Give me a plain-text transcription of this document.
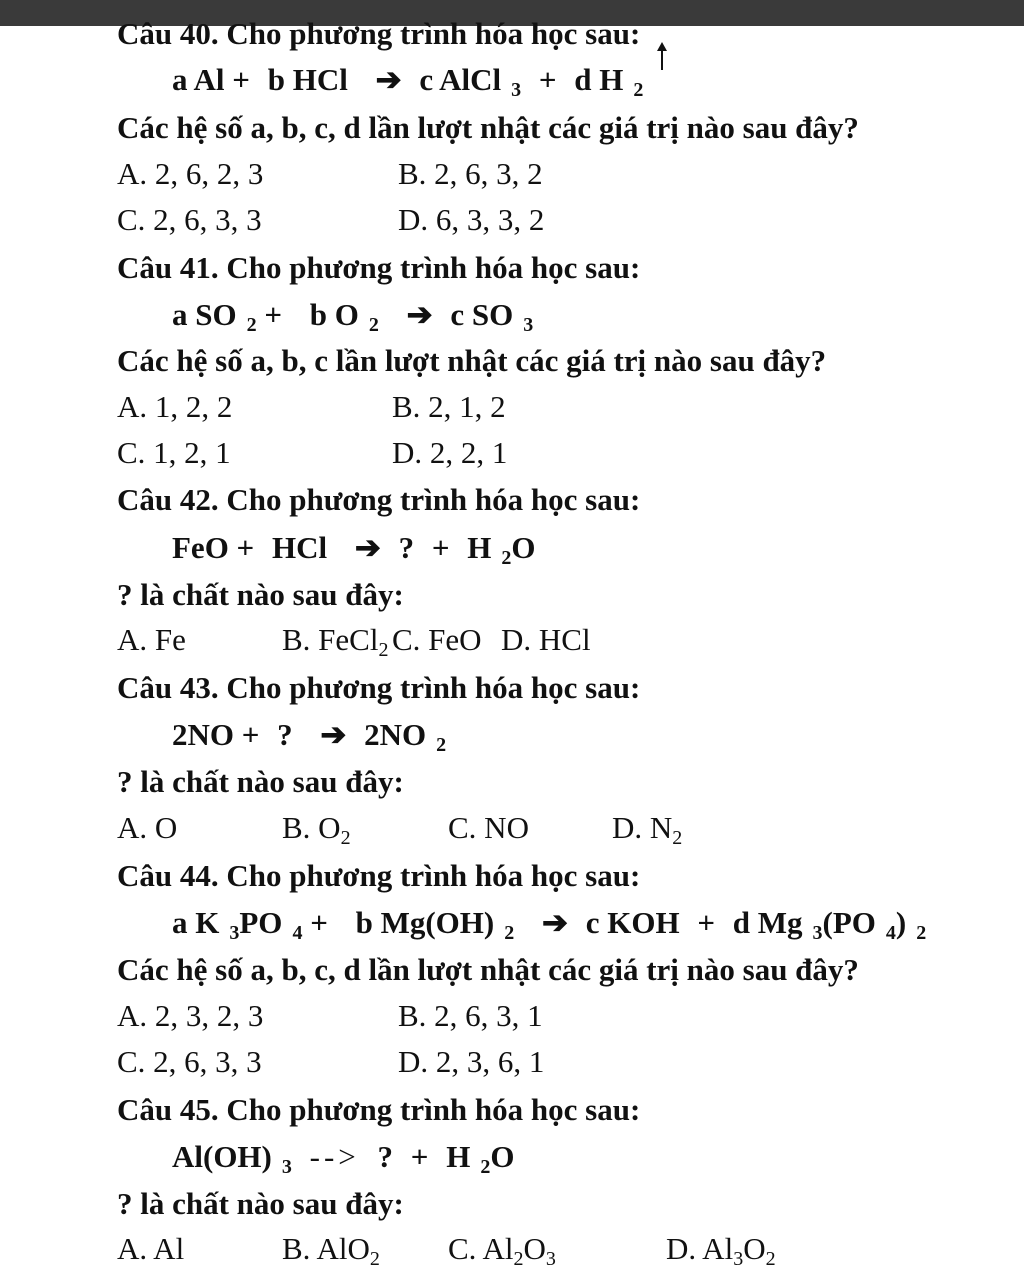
Câu 40. Cho phương trình hóa học sau:
a Al + b HCl ➔ c AlCl $_3$ + d H $_2$
Các hệ số a, b, c, d lần lượt nhật các giá trị nào sau đây?
A. 2, 6, 2, 3	B. 2, 6, 3, 2
C. 2, 6, 3, 3	D. 6, 3, 3, 2
Câu 41. Cho phương trình hóa học sau:
a SO $_2$ + b O $_2$ ➔ c SO $_3$
Các hệ số a, b, c lần lượt nhật các giá trị nào sau đây?
A. 1, 2, 2	B. 2, 1, 2
C. 1, 2, 1	D. 2, 2, 1
Câu 42. Cho phương trình hóa học sau:
FeO + HCl ➔ ? + H $_2$O
? là chất nào sau đây:
A. Fe	B. FeCl$_2$ C. FeO D. HCl
Câu 43. Cho phương trình hóa học sau:
2NO + ? ➔ 2NO $_2$
? là chất nào sau đây:
A. O	B. $O_2$	C. NO	D. $N_2$
Câu 44. Cho phương trình hóa học sau:
a K $_3$PO $_4$ + b Mg(OH) $_2$ ➔ c KOH + d Mg $_3$(PO $_4$) $_2$
Các hệ số a, b, c, d lần lượt nhật các giá trị nào sau đây?
A. 2, 3, 2, 3	B. 2, 6, 3, 1
C. 2, 6, 3, 3	D. 2, 3, 6, 1
Câu 45. Cho phương trình hóa học sau:
Al(OH) $_3$ --> ? + H $_2$O
? là chất nào sau đây:
A. Al	B. AlO$_2$ C. $Al_2O_3$	D. $Al_3O_2$
